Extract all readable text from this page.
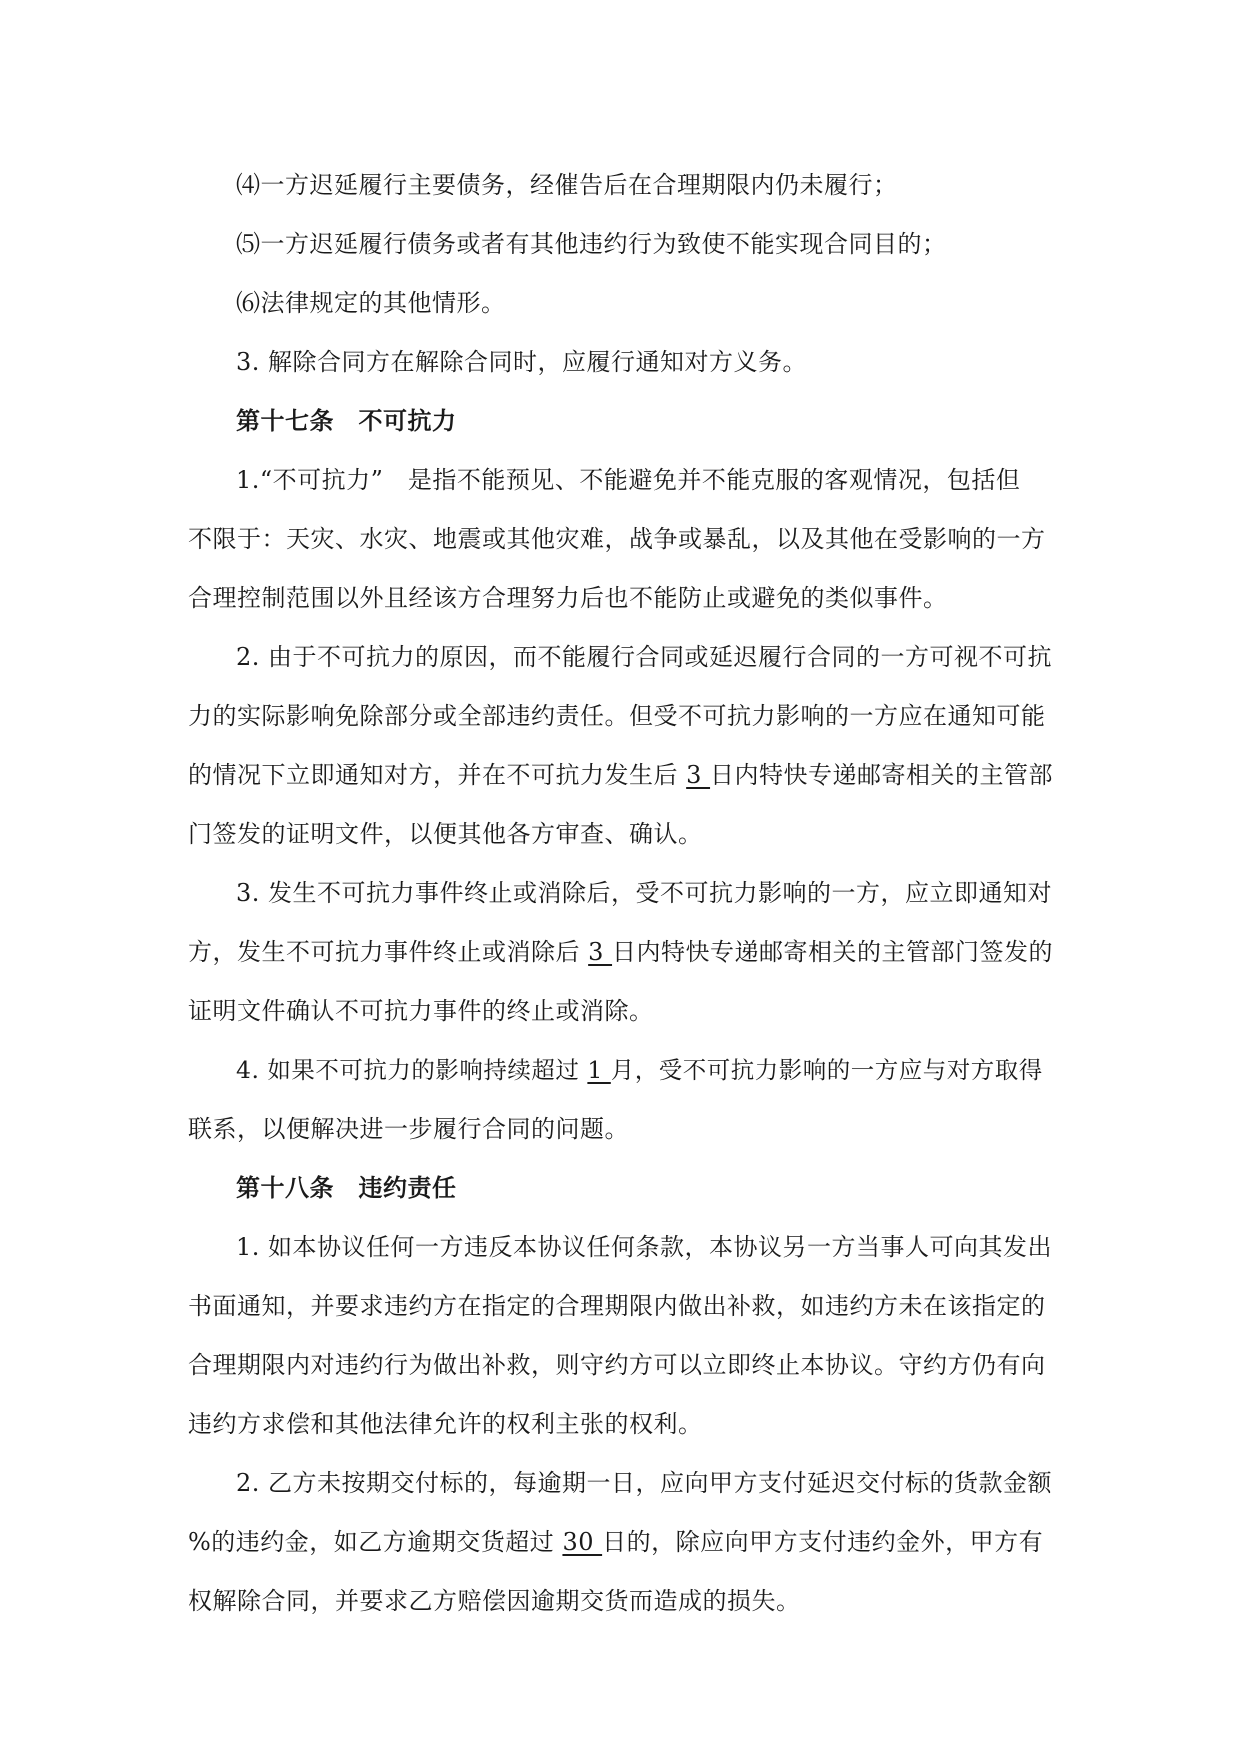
⑷一方迟延履行主要债务，经催告后在合理期限内仍未履行；
⑸一方迟延履行债务或者有其他违约行为致使不能实现合同目的；
⑹法律规定的其他情形。
3. 解除合同方在解除合同时，应履行通知对方义务。
第十七条　不可抗力
1.“不可抗力”　是指不能预见、不能避免并不能克服的客观情况，包括但
不限于：天灾、水灾、地震或其他灾难，战争或暴乱，以及其他在受影响的一方
合理控制范围以外且经该方合理努力后也不能防止或避免的类似事件。
2. 由于不可抗力的原因，而不能履行合同或延迟履行合同的一方可视不可抗
力的实际影响免除部分或全部违约责任。但受不可抗力影响的一方应在通知可能
的情况下立即通知对方，并在不可抗力发生后 3 日内特快专递邮寄相关的主管部
门签发的证明文件，以便其他各方审查、确认。
3. 发生不可抗力事件终止或消除后，受不可抗力影响的一方，应立即通知对
方，发生不可抗力事件终止或消除后 3 日内特快专递邮寄相关的主管部门签发的
证明文件确认不可抗力事件的终止或消除。
4. 如果不可抗力的影响持续超过 1 月，受不可抗力影响的一方应与对方取得
联系，以便解决进一步履行合同的问题。
第十八条　违约责任
1. 如本协议任何一方违反本协议任何条款，本协议另一方当事人可向其发出
书面通知，并要求违约方在指定的合理期限内做出补救，如违约方未在该指定的
合理期限内对违约行为做出补救，则守约方可以立即终止本协议。守约方仍有向
违约方求偿和其他法律允许的权利主张的权利。
2. 乙方未按期交付标的，每逾期一日，应向甲方支付延迟交付标的货款金额
%的违约金，如乙方逾期交货超过 30 日的，除应向甲方支付违约金外，甲方有
权解除合同，并要求乙方赔偿因逾期交货而造成的损失。
